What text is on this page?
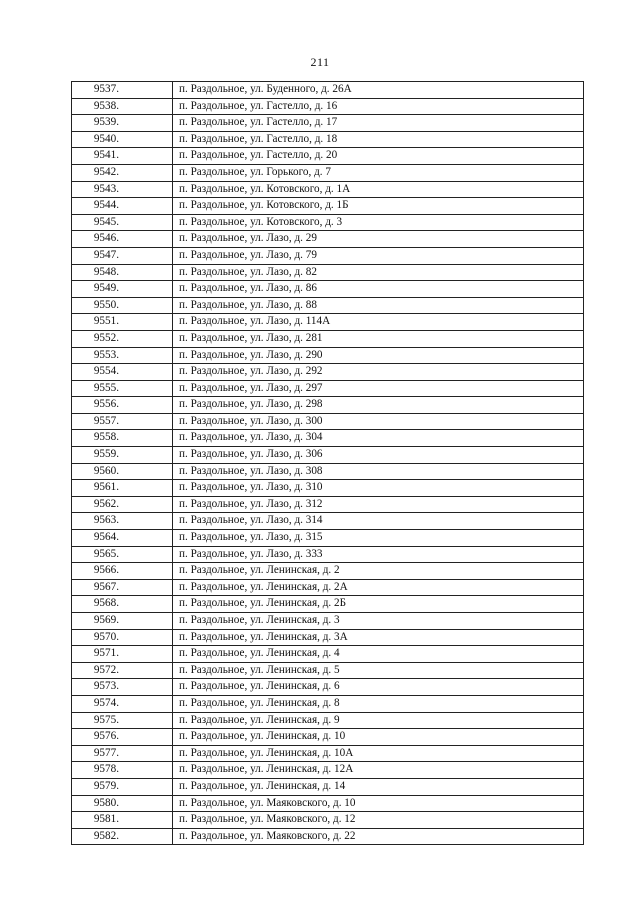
211
9537.	п. Раздольное, ул. Буденного, д. 26А
9538.	п. Раздольное, ул. Гастелло, д. 16
9539.	п. Раздольное, ул. Гастелло, д. 17
9540.	п. Раздольное, ул. Гастелло, д. 18
9541.	п. Раздольное, ул. Гастелло, д. 20
9542.	п. Раздольное, ул. Горького, д. 7
9543.	п. Раздольное, ул. Котовского, д. 1А
9544.	п. Раздольное, ул. Котовского, д. 1Б
9545.	п. Раздольное, ул. Котовского, д. 3
9546.	п. Раздольное, ул. Лазо, д. 29
9547.	п. Раздольное, ул. Лазо, д. 79
9548.	п. Раздольное, ул. Лазо, д. 82
9549.	п. Раздольное, ул. Лазо, д. 86
9550.	п. Раздольное, ул. Лазо, д. 88
9551.	п. Раздольное, ул. Лазо, д. 114А
9552.	п. Раздольное, ул. Лазо, д. 281
9553.	п. Раздольное, ул. Лазо, д. 290
9554.	п. Раздольное, ул. Лазо, д. 292
9555.	п. Раздольное, ул. Лазо, д. 297
9556.	п. Раздольное, ул. Лазо, д. 298
9557.	п. Раздольное, ул. Лазо, д. 300
9558.	п. Раздольное, ул. Лазо, д. 304
9559.	п. Раздольное, ул. Лазо, д. 306
9560.	п. Раздольное, ул. Лазо, д. 308
9561.	п. Раздольное, ул. Лазо, д. 310
9562.	п. Раздольное, ул. Лазо, д. 312
9563.	п. Раздольное, ул. Лазо, д. 314
9564.	п. Раздольное, ул. Лазо, д. 315
9565.	п. Раздольное, ул. Лазо, д. 333
9566.	п. Раздольное, ул. Ленинская, д. 2
9567.	п. Раздольное, ул. Ленинская, д. 2А
9568.	п. Раздольное, ул. Ленинская, д. 2Б
9569.	п. Раздольное, ул. Ленинская, д. 3
9570.	п. Раздольное, ул. Ленинская, д. 3А
9571.	п. Раздольное, ул. Ленинская, д. 4
9572.	п. Раздольное, ул. Ленинская, д. 5
9573.	п. Раздольное, ул. Ленинская, д. 6
9574.	п. Раздольное, ул. Ленинская, д. 8
9575.	п. Раздольное, ул. Ленинская, д. 9
9576.	п. Раздольное, ул. Ленинская, д. 10
9577.	п. Раздольное, ул. Ленинская, д. 10А
9578.	п. Раздольное, ул. Ленинская, д. 12А
9579.	п. Раздольное, ул. Ленинская, д. 14
9580.	п. Раздольное, ул. Маяковского, д. 10
9581.	п. Раздольное, ул. Маяковского, д. 12
9582.	п. Раздольное, ул. Маяковского, д. 22
